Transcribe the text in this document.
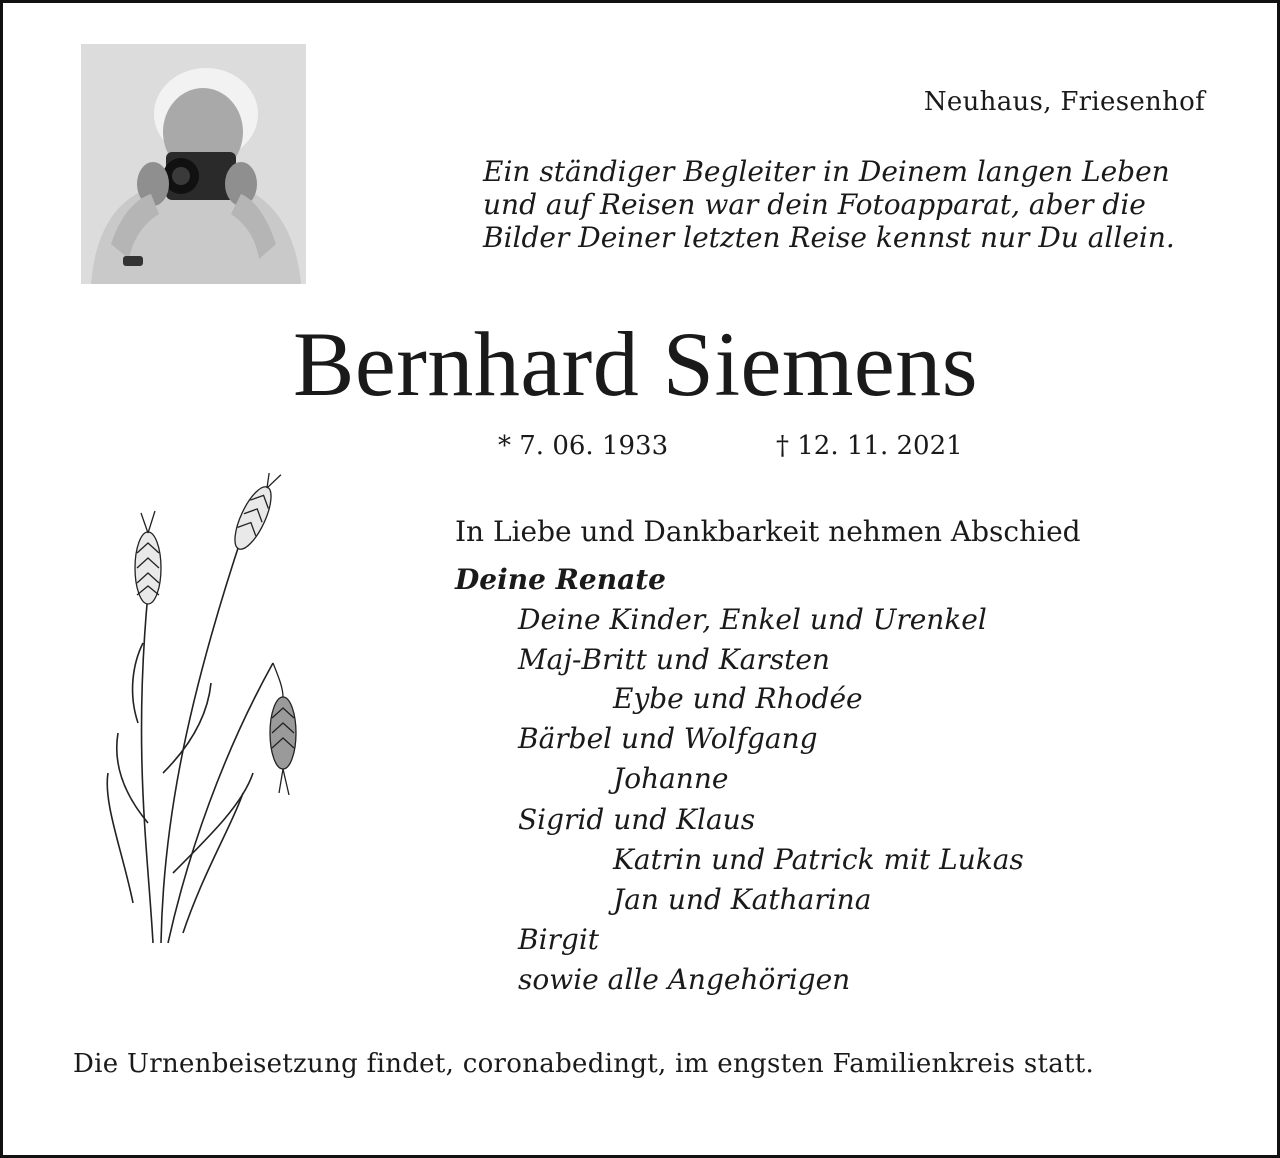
Neuhaus, Friesenhof
Ein ständiger Begleiter in Deinem langen Leben
und auf Reisen war dein Fotoapparat, aber die
Bilder Deiner letzten Reise kennst nur Du allein.
Bernhard Siemens
* 7. 06. 1933	† 12. 11. 2021
In Liebe und Dankbarkeit nehmen Abschied
Deine Renate
Deine Kinder, Enkel und Urenkel
Maj-Britt und Karsten
Eybe und Rhodée
Bärbel und Wolfgang
Johanne
Sigrid und Klaus
Katrin und Patrick mit Lukas
Jan und Katharina
Birgit
sowie alle Angehörigen
Die Urnenbeisetzung findet, coronabedingt, im engsten Familienkreis statt.
